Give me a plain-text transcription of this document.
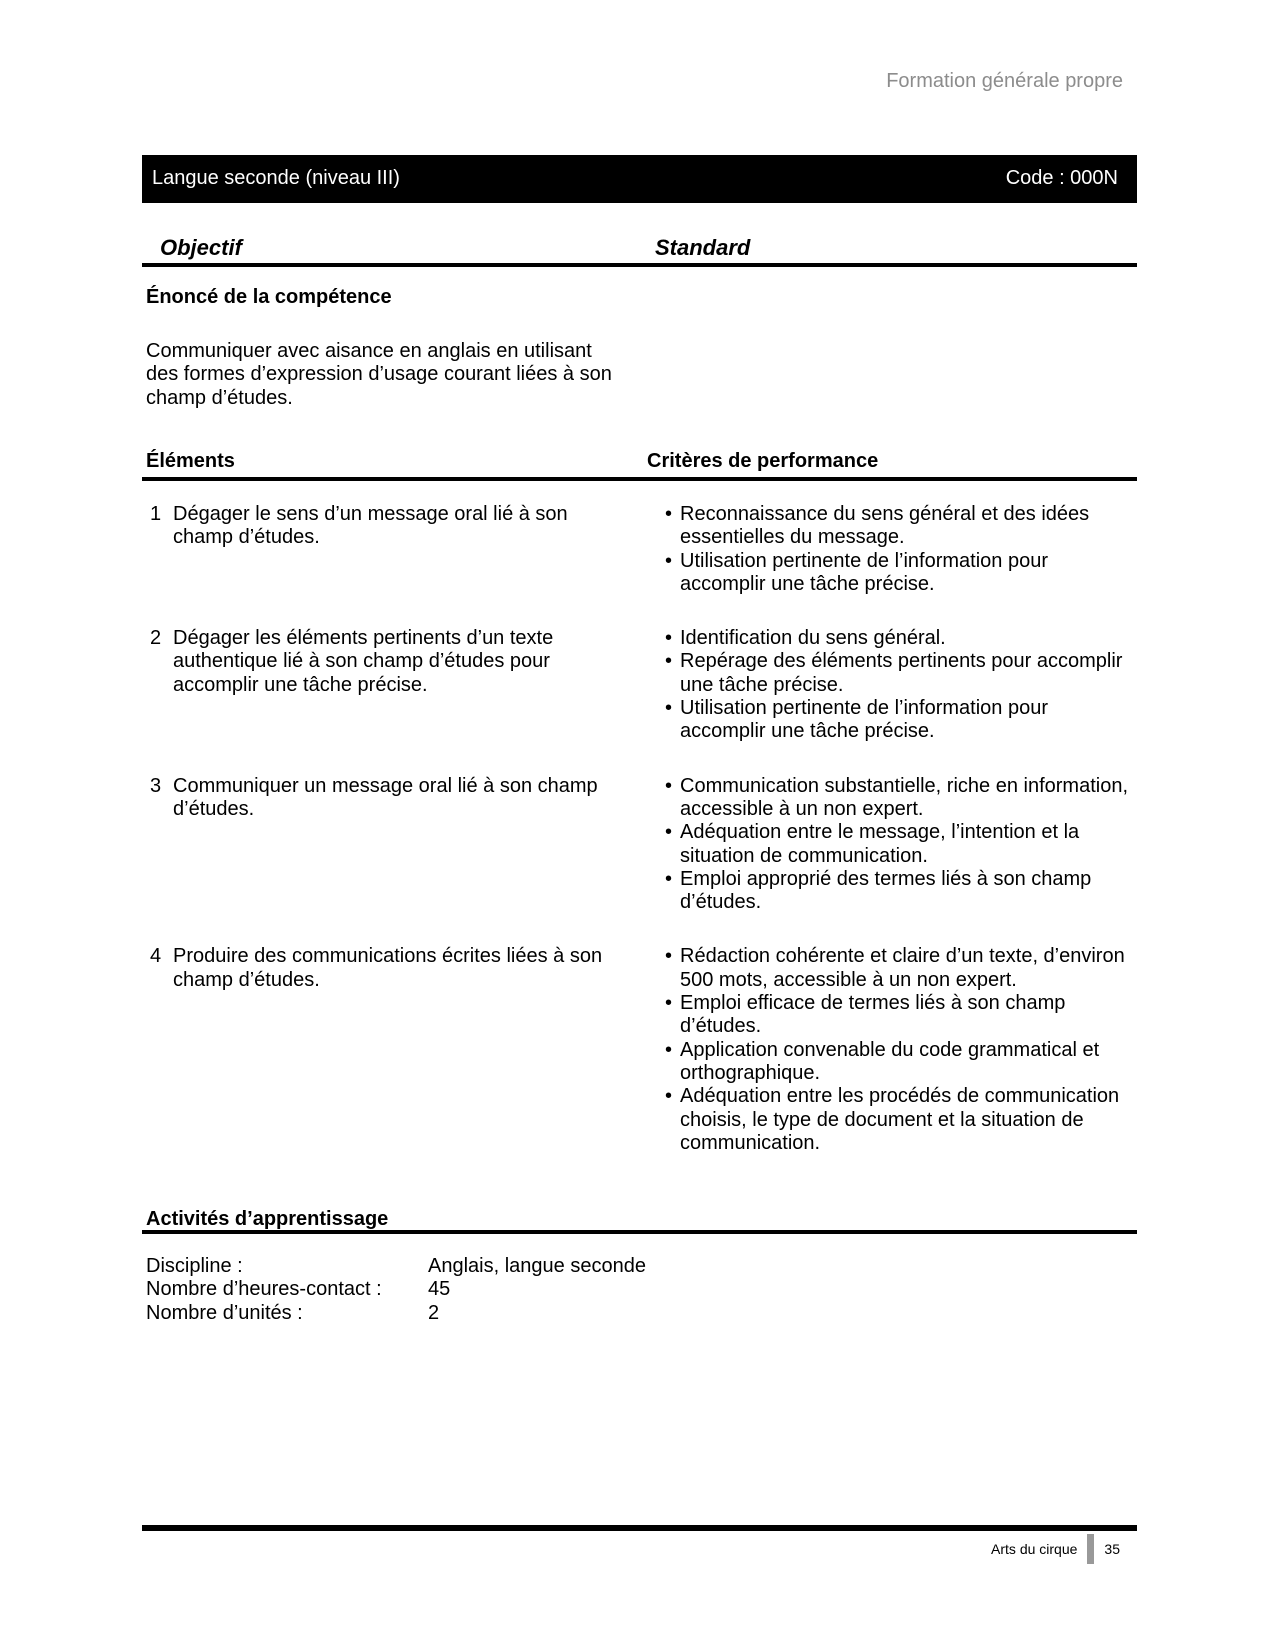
Formation générale propre
Langue seconde (niveau III)	Code : 000N
Objectif	Standard
Énoncé de la compétence
Communiquer avec aisance en anglais en utilisant des formes d’expression d’usage courant liées à son champ d’études.
Éléments	Critères de performance
1 Dégager le sens d’un message oral lié à son champ d’études.
• Reconnaissance du sens général et des idées essentielles du message.
• Utilisation pertinente de l’information pour accomplir une tâche précise.
2 Dégager les éléments pertinents d’un texte authentique lié à son champ d’études pour accomplir une tâche précise.
• Identification du sens général.
• Repérage des éléments pertinents pour accomplir une tâche précise.
• Utilisation pertinente de l’information pour accomplir une tâche précise.
3 Communiquer un message oral lié à son champ d’études.
• Communication substantielle, riche en information, accessible à un non expert.
• Adéquation entre le message, l’intention et la situation de communication.
• Emploi approprié des termes liés à son champ d’études.
4 Produire des communications écrites liées à son champ d’études.
• Rédaction cohérente et claire d’un texte, d’environ 500 mots, accessible à un non expert.
• Emploi efficace de termes liés à son champ d’études.
• Application convenable du code grammatical et orthographique.
• Adéquation entre les procédés de communication choisis, le type de document et la situation de communication.
Activités d’apprentissage
Discipline :	Anglais, langue seconde
Nombre d’heures-contact :	45
Nombre d’unités :	2
Arts du cirque 35
